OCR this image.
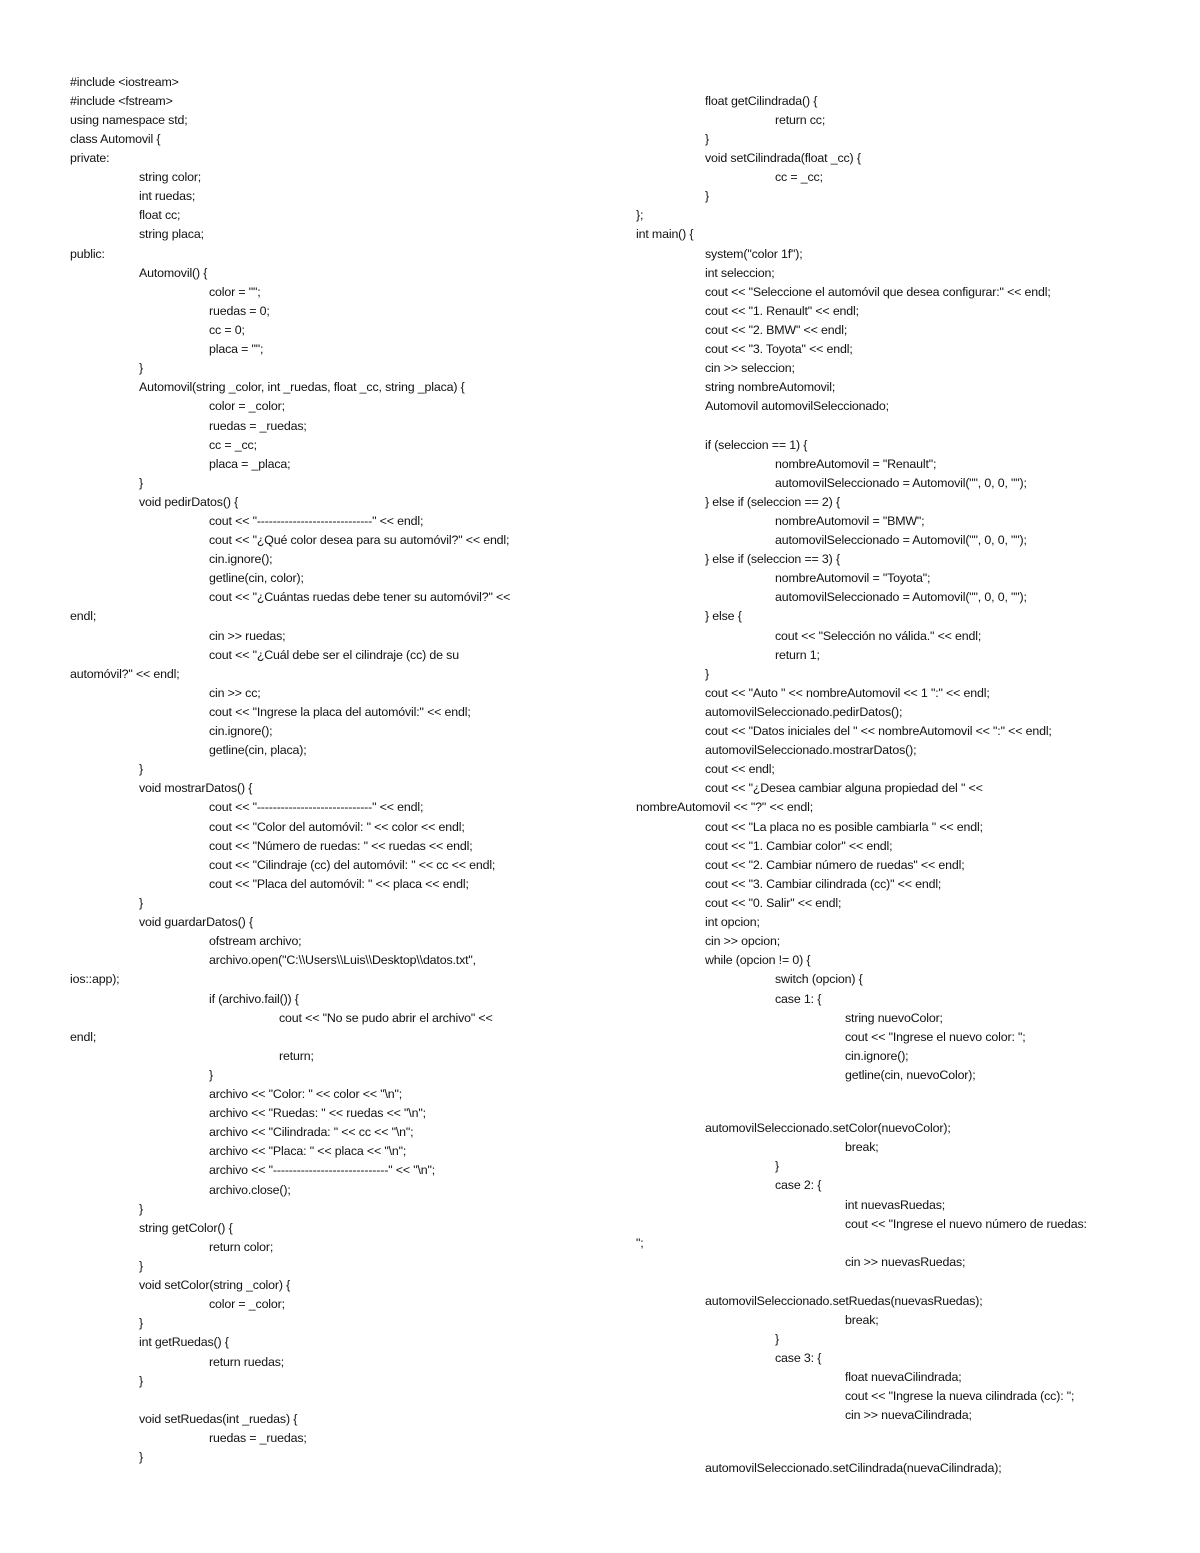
#include <iostream>
#include <fstream>
using namespace std;
class Automovil {
private:
string color;
int ruedas;
float cc;
string placa;
public:
Automovil() {
color = "";
ruedas = 0;
cc = 0;
placa = "";
}
Automovil(string _color, int _ruedas, float _cc, string _placa) {
color = _color;
ruedas = _ruedas;
cc = _cc;
placa = _placa;
}
void pedirDatos() {
cout << "-----------------------------" << endl;
cout << "¿Qué color desea para su automóvil?" << endl;
cin.ignore();
getline(cin, color);
cout << "¿Cuántas ruedas debe tener su automóvil?" <<
endl;
cin >> ruedas;
cout << "¿Cuál debe ser el cilindraje (cc) de su
automóvil?" << endl;
cin >> cc;
cout << "Ingrese la placa del automóvil:" << endl;
cin.ignore();
getline(cin, placa);
}
void mostrarDatos() {
cout << "-----------------------------" << endl;
cout << "Color del automóvil: " << color << endl;
cout << "Número de ruedas: " << ruedas << endl;
cout << "Cilindraje (cc) del automóvil: " << cc << endl;
cout << "Placa del automóvil: " << placa << endl;
}
void guardarDatos() {
ofstream archivo;
archivo.open("C:\\Users\\Luis\\Desktop\\datos.txt",
ios::app);
if (archivo.fail()) {
cout << "No se pudo abrir el archivo" <<
endl;
return;
}
archivo << "Color: " << color << "\n";
archivo << "Ruedas: " << ruedas << "\n";
archivo << "Cilindrada: " << cc << "\n";
archivo << "Placa: " << placa << "\n";
archivo << "-----------------------------" << "\n";
archivo.close();
}
string getColor() {
return color;
}
void setColor(string _color) {
color = _color;
}
int getRuedas() {
return ruedas;
}
void setRuedas(int _ruedas) {
ruedas = _ruedas;
}
float getCilindrada() {
return cc;
}
void setCilindrada(float _cc) {
cc = _cc;
}
};
int main() {
system("color 1f");
int seleccion;
cout << "Seleccione el automóvil que desea configurar:" << endl;
cout << "1. Renault" << endl;
cout << "2. BMW" << endl;
cout << "3. Toyota" << endl;
cin >> seleccion;
string nombreAutomovil;
Automovil automovilSeleccionado;
if (seleccion == 1) {
nombreAutomovil = "Renault";
automovilSeleccionado = Automovil("", 0, 0, "");
} else if (seleccion == 2) {
nombreAutomovil = "BMW";
automovilSeleccionado = Automovil("", 0, 0, "");
} else if (seleccion == 3) {
nombreAutomovil = "Toyota";
automovilSeleccionado = Automovil("", 0, 0, "");
} else {
cout << "Selección no válida." << endl;
return 1;
}
cout << "Auto " << nombreAutomovil << 1 ":" << endl;
automovilSeleccionado.pedirDatos();
cout << "Datos iniciales del " << nombreAutomovil << ":" << endl;
automovilSeleccionado.mostrarDatos();
cout << endl;
cout << "¿Desea cambiar alguna propiedad del " <<
nombreAutomovil << "?" << endl;
cout << "La placa no es posible cambiarla " << endl;
cout << "1. Cambiar color" << endl;
cout << "2. Cambiar número de ruedas" << endl;
cout << "3. Cambiar cilindrada (cc)" << endl;
cout << "0. Salir" << endl;
int opcion;
cin >> opcion;
while (opcion != 0) {
switch (opcion) {
case 1: {
string nuevoColor;
cout << "Ingrese el nuevo color: ";
cin.ignore();
getline(cin, nuevoColor);
automovilSeleccionado.setColor(nuevoColor);
break;
}
case 2: {
int nuevasRuedas;
cout << "Ingrese el nuevo número de ruedas:
";
cin >> nuevasRuedas;
automovilSeleccionado.setRuedas(nuevasRuedas);
break;
}
case 3: {
float nuevaCilindrada;
cout << "Ingrese la nueva cilindrada (cc): ";
cin >> nuevaCilindrada;
automovilSeleccionado.setCilindrada(nuevaCilindrada);
